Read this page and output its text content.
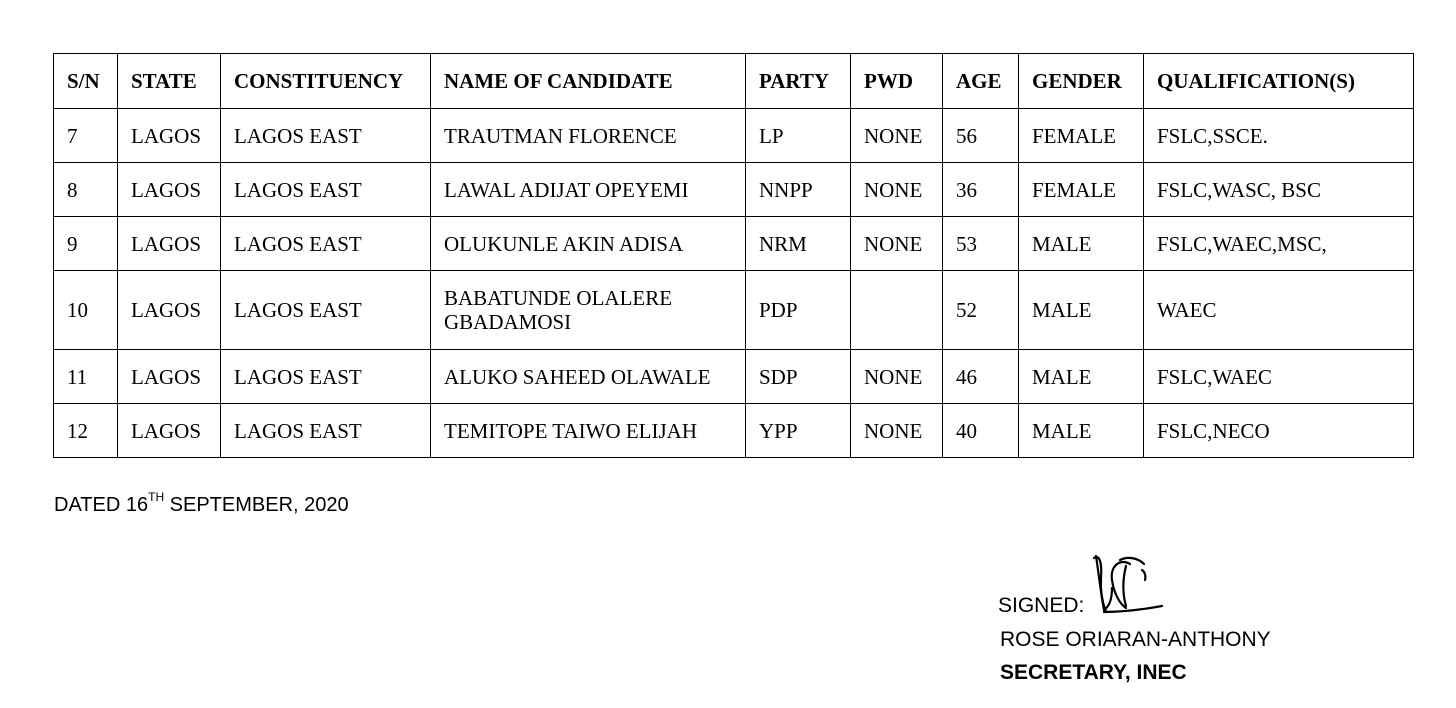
S/N	STATE	CONSTITUENCY	NAME OF CANDIDATE	PARTY	PWD	AGE	GENDER	QUALIFICATION(S)
7	LAGOS	LAGOS EAST	TRAUTMAN FLORENCE	LP	NONE	56	FEMALE	FSLC,SSCE.
8	LAGOS	LAGOS EAST	LAWAL ADIJAT OPEYEMI	NNPP	NONE	36	FEMALE	FSLC,WASC, BSC
9	LAGOS	LAGOS EAST	OLUKUNLE AKIN ADISA	NRM	NONE	53	MALE	FSLC,WAEC,MSC,
10	LAGOS	LAGOS EAST	BABATUNDE OLALERE GBADAMOSI	PDP		52	MALE	WAEC
11	LAGOS	LAGOS EAST	ALUKO SAHEED OLAWALE	SDP	NONE	46	MALE	FSLC,WAEC
12	LAGOS	LAGOS EAST	TEMITOPE TAIWO ELIJAH	YPP	NONE	40	MALE	FSLC,NECO
DATED 16TH SEPTEMBER, 2020
SIGNED:
ROSE ORIARAN-ANTHONY
SECRETARY, INEC
